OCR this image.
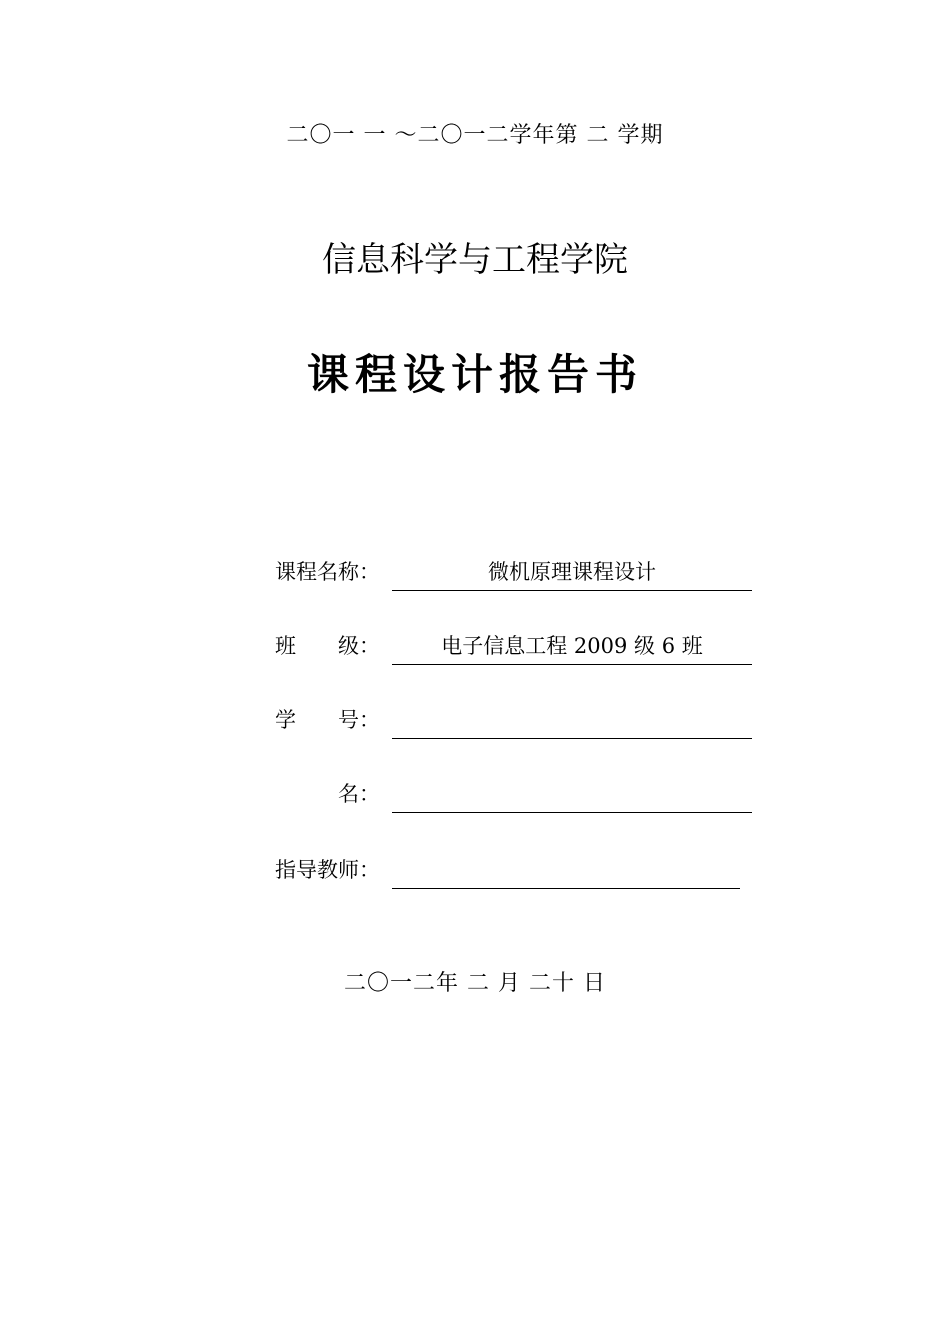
二〇一 一 ～二〇一二学年第 二 学期
信息科学与工程学院
课程设计报告书
课程名称：	微机原理课程设计
班　　级：	电子信息工程 2009 级 6 班
学　　号：
　　　名：
指导教师：
二〇一二年 二 月 二十 日
